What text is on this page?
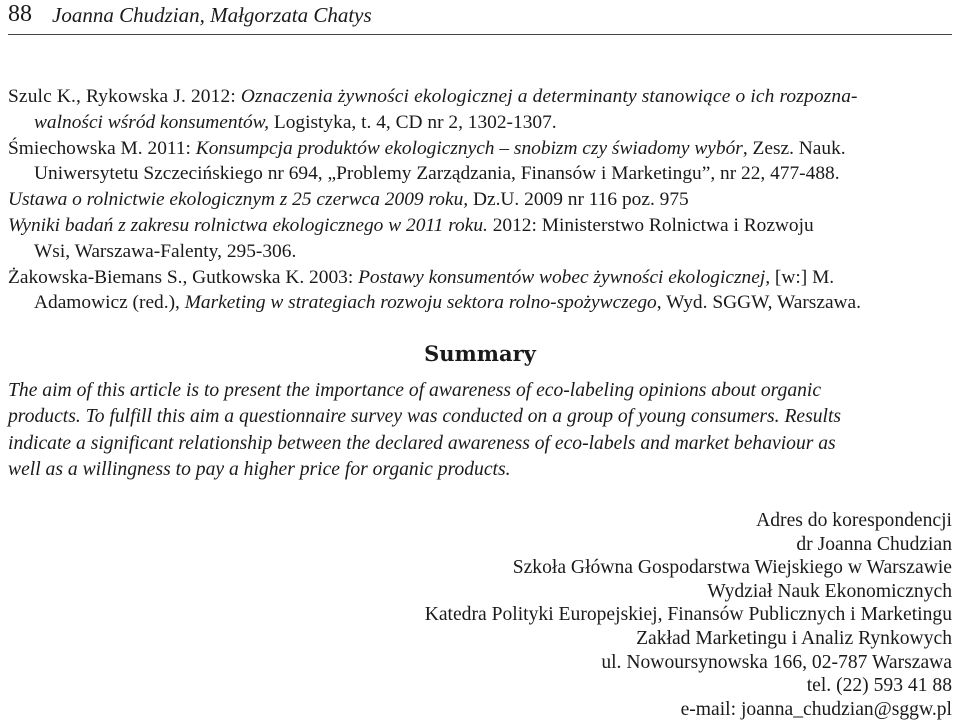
88 Joanna Chudzian, Małgorzata Chatys
Szulc K., Rykowska J. 2012: Oznaczenia żywności ekologicznej a determinanty stanowiące o ich rozpozna-
walności wśród konsumentów, Logistyka, t. 4, CD nr 2, 1302-1307.
Śmiechowska M. 2011: Konsumpcja produktów ekologicznych – snobizm czy świadomy wybór, Zesz. Nauk.
Uniwersytetu Szczecińskiego nr 694, „Problemy Zarządzania, Finansów i Marketingu”, nr 22, 477-488.
Ustawa o rolnictwie ekologicznym z 25 czerwca 2009 roku, Dz.U. 2009 nr 116 poz. 975
Wyniki badań z zakresu rolnictwa ekologicznego w 2011 roku. 2012: Ministerstwo Rolnictwa i Rozwoju
Wsi, Warszawa-Falenty, 295-306.
Żakowska-Biemans S., Gutkowska K. 2003: Postawy konsumentów wobec żywności ekologicznej, [w:] M.
Adamowicz (red.), Marketing w strategiach rozwoju sektora rolno-spożywczego, Wyd. SGGW, Warszawa.
Summary
The aim of this article is to present the importance of awareness of eco-labeling opinions about organic
products. To fulfill this aim a questionnaire survey was conducted on a group of young consumers. Results
indicate a significant relationship between the declared awareness of eco-labels and market behaviour as
well as a willingness to pay a higher price for organic products.
Adres do korespondencji
dr Joanna Chudzian
Szkoła Główna Gospodarstwa Wiejskiego w Warszawie
Wydział Nauk Ekonomicznych
Katedra Polityki Europejskiej, Finansów Publicznych i Marketingu
Zakład Marketingu i Analiz Rynkowych
ul. Nowoursynowska 166, 02-787 Warszawa
tel. (22) 593 41 88
e-mail: joanna_chudzian@sggw.pl
